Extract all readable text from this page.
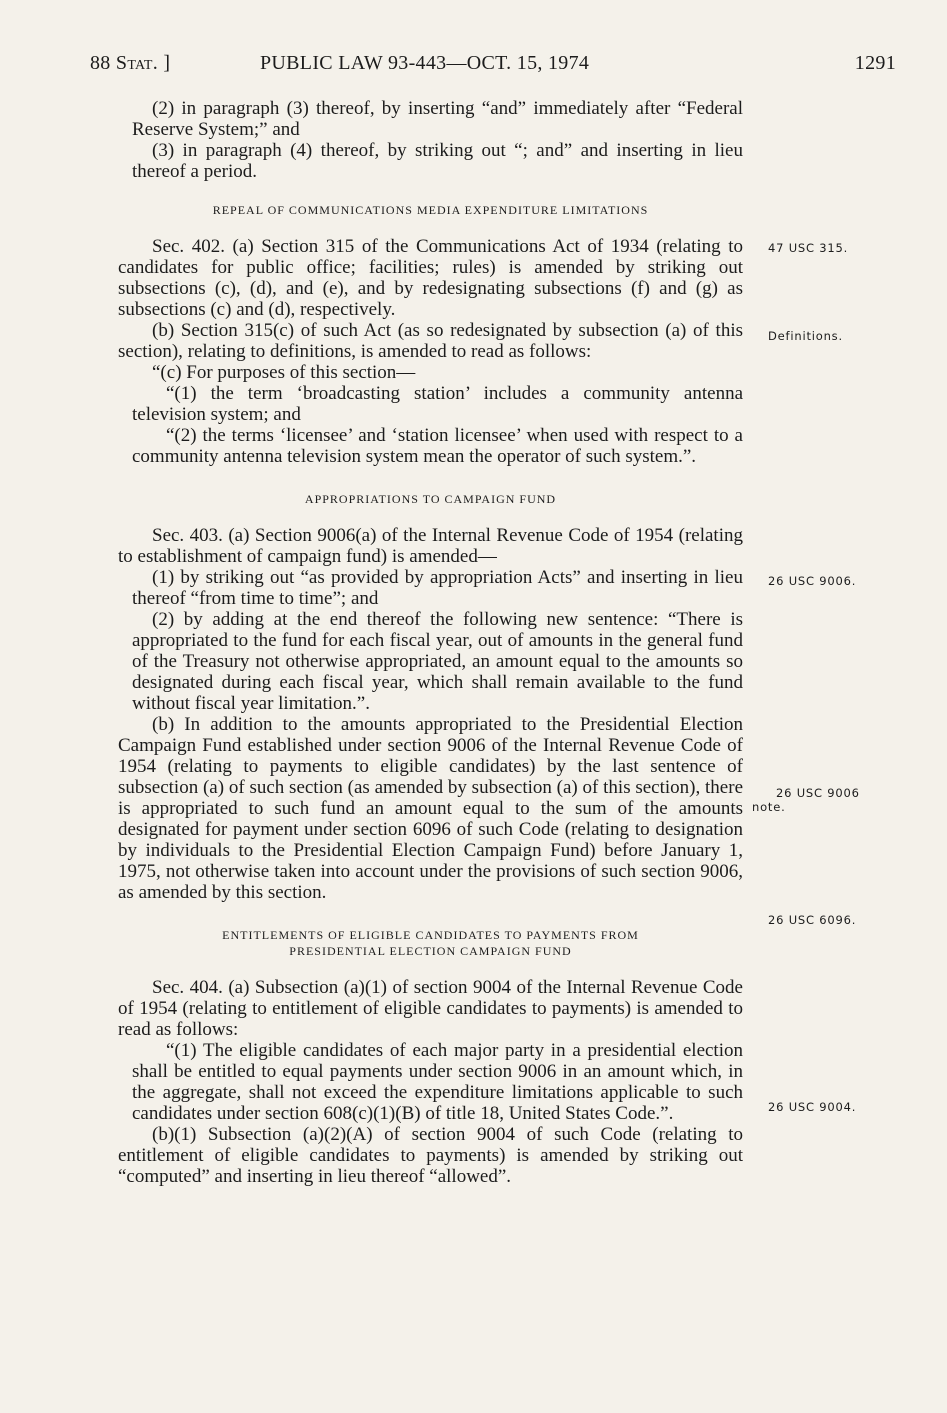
88 Stat. ]	PUBLIC LAW 93-443—OCT. 15, 1974	1291

(2) in paragraph (3) thereof, by inserting “and” immediately after “Federal Reserve System;” and

(3) in paragraph (4) thereof, by striking out “; and” and inserting in lieu thereof a period.

REPEAL OF COMMUNICATIONS MEDIA EXPENDITURE LIMITATIONS

Sec. 402. (a) Section 315 of the Communications Act of 1934 (relating to candidates for public office; facilities; rules) is amended by striking out subsections (c), (d), and (e), and by redesignating subsections (f) and (g) as subsections (c) and (d), respectively.

(b) Section 315(c) of such Act (as so redesignated by subsection (a) of this section), relating to definitions, is amended to read as follows:

“(c) For purposes of this section—

“(1) the term ‘broadcasting station’ includes a community antenna television system; and

“(2) the terms ‘licensee’ and ‘station licensee’ when used with respect to a community antenna television system mean the operator of such system.”.

APPROPRIATIONS TO CAMPAIGN FUND

Sec. 403. (a) Section 9006(a) of the Internal Revenue Code of 1954 (relating to establishment of campaign fund) is amended—

(1) by striking out “as provided by appropriation Acts” and inserting in lieu thereof “from time to time”; and

(2) by adding at the end thereof the following new sentence: “There is appropriated to the fund for each fiscal year, out of amounts in the general fund of the Treasury not otherwise appropriated, an amount equal to the amounts so designated during each fiscal year, which shall remain available to the fund without fiscal year limitation.”.

(b) In addition to the amounts appropriated to the Presidential Election Campaign Fund established under section 9006 of the Internal Revenue Code of 1954 (relating to payments to eligible candidates) by the last sentence of subsection (a) of such section (as amended by subsection (a) of this section), there is appropriated to such fund an amount equal to the sum of the amounts designated for payment under section 6096 of such Code (relating to designation by individuals to the Presidential Election Campaign Fund) before January 1, 1975, not otherwise taken into account under the provisions of such section 9006, as amended by this section.

ENTITLEMENTS OF ELIGIBLE CANDIDATES TO PAYMENTS FROM
PRESIDENTIAL ELECTION CAMPAIGN FUND

Sec. 404. (a) Subsection (a)(1) of section 9004 of the Internal Revenue Code of 1954 (relating to entitlement of eligible candidates to payments) is amended to read as follows:

“(1) The eligible candidates of each major party in a presidential election shall be entitled to equal payments under section 9006 in an amount which, in the aggregate, shall not exceed the expenditure limitations applicable to such candidates under section 608(c)(1)(B) of title 18, United States Code.”.

(b)(1) Subsection (a)(2)(A) of section 9004 of such Code (relating to entitlement of eligible candidates to payments) is amended by striking out “computed” and inserting in lieu thereof “allowed”.

47 USC 315.
Definitions.
26 USC 9006.
26 USC 9006
note.
26 USC 6096.
26 USC 9004.
